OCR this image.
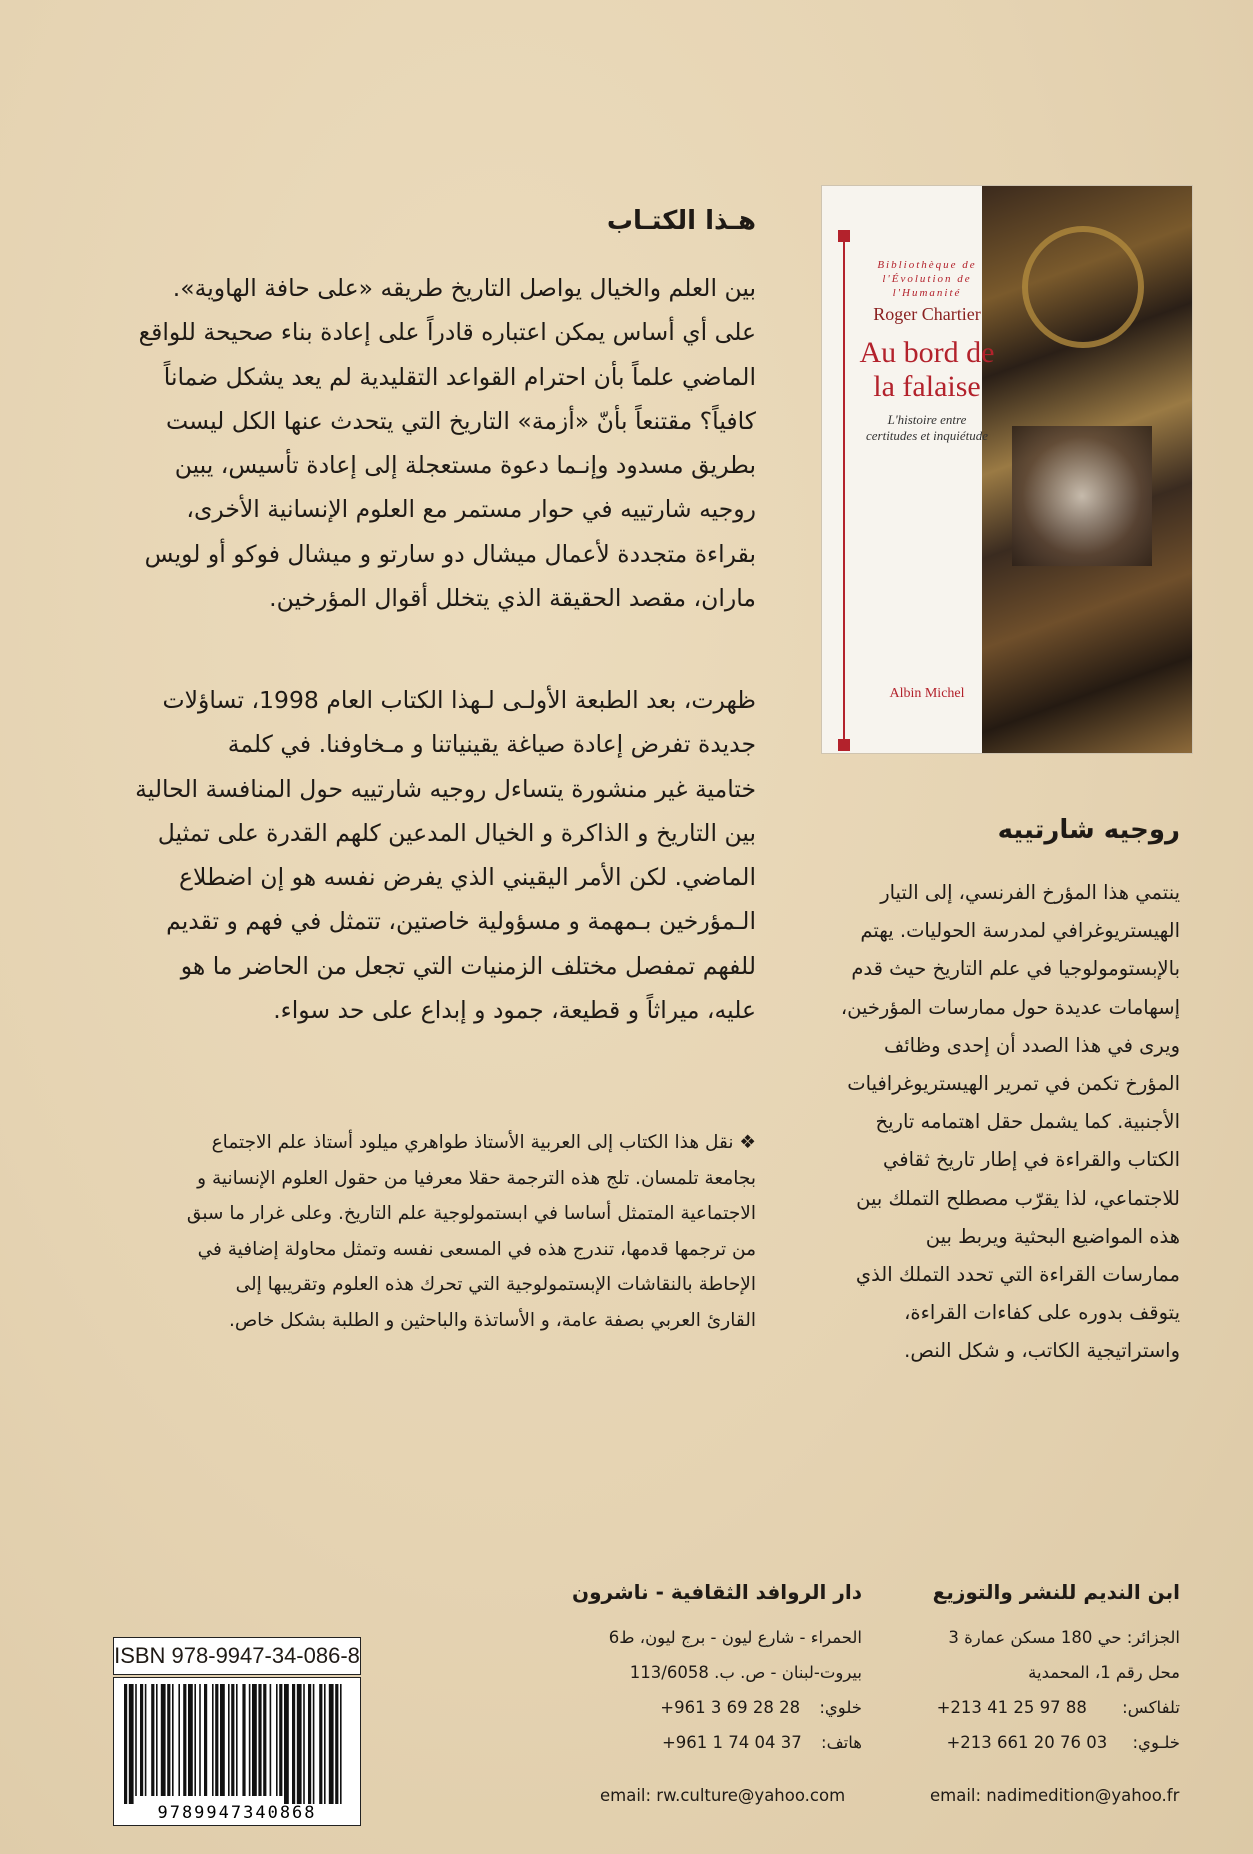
Bibliothèque de l'Évolution de l'Humanité
Roger Chartier
Au bord de
la falaise
L'histoire entre
certitudes et inquiétude
Albin Michel
هـذا الكتـاب
بين العلم والخيال يواصل التاريخ طريقه «على حافة الهاوية».
على أي أساس يمكن اعتباره قادراً على إعادة بناء صحيحة للواقع
الماضي علماً بأن احترام القواعد التقليدية لم يعد يشكل ضماناً
كافياً؟ مقتنعاً بأنّ «أزمة» التاريخ التي يتحدث عنها الكل ليست
بطريق مسدود وإنـما دعوة مستعجلة إلى إعادة تأسيس، يبين
روجيه شارتييه في حوار مستمر مع العلوم الإنسانية الأخرى،
بقراءة متجددة لأعمال ميشال دو سارتو و ميشال فوكو أو لويس
ماران، مقصد الحقيقة الذي يتخلل أقوال المؤرخين.
ظهرت، بعد الطبعة الأولـى لـهذا الكتاب العام 1998، تساؤلات
جديدة تفرض إعادة صياغة يقينياتنا و مـخاوفنا. في كلمة
ختامية غير منشورة يتساءل روجيه شارتييه حول المنافسة الحالية
بين التاريخ و الذاكرة و الخيال المدعين كلهم القدرة على تمثيل
الماضي. لكن الأمر اليقيني الذي يفرض نفسه هو إن اضطلاع
الـمؤرخين بـمهمة و مسؤولية خاصتين، تتمثل في فهم و تقديم
للفهم تمفصل مختلف الزمنيات التي تجعل من الحاضر ما هو
عليه، ميراثاً و قطيعة، جمود و إبداع على حد سواء.
❖ نقل هذا الكتاب إلى العربية الأستاذ طواهري ميلود أستاذ علم الاجتماع
بجامعة تلمسان. تلج هذه الترجمة حقلا معرفيا من حقول العلوم الإنسانية و
الاجتماعية المتمثل أساسا في ابستمولوجية علم التاريخ. وعلى غرار ما سبق
من ترجمها قدمها، تندرج هذه في المسعى نفسه وتمثل محاولة إضافية في
الإحاطة بالنقاشات الإبستمولوجية التي تحرك هذه العلوم وتقريبها إلى
القارئ العربي بصفة عامة، و الأساتذة والباحثين و الطلبة بشكل خاص.
روجيه شارتييه
ينتمي هذا المؤرخ الفرنسي، إلى التيار
الهيستريوغرافي لمدرسة الحوليات. يهتم
بالإبستومولوجيا في علم التاريخ حيث قدم
إسهامات عديدة حول ممارسات المؤرخين،
ويرى في هذا الصدد أن إحدى وظائف
المؤرخ تكمن في تمرير الهيستريوغرافيات
الأجنبية. كما يشمل حقل اهتمامه تاريخ
الكتاب والقراءة في إطار تاريخ ثقافي
للاجتماعي، لذا يقرّب مصطلح التملك بين
هذه المواضيع البحثية ويربط بين
ممارسات القراءة التي تحدد التملك الذي
يتوقف بدوره على كفاءات القراءة،
واستراتيجية الكاتب، و شكل النص.
ابن النديم للنشر والتوزيع
الجزائر: حي 180 مسكن عمارة 3
محل رقم 1، المحمدية
تلفاكس: +213 41 25 97 88
خلـوي: +213 661 20 76 03
email: nadimedition@yahoo.fr
دار الروافد الثقافية - ناشرون
الحمراء - شارع ليون - برج ليون، ط6
بيروت-لبنان - ص. ب. 113/6058
خلوي: +961 3 69 28 28
هاتف: +961 1 74 04 37
email: rw.culture@yahoo.com
ISBN 978-9947-34-086-8
9789947340868
